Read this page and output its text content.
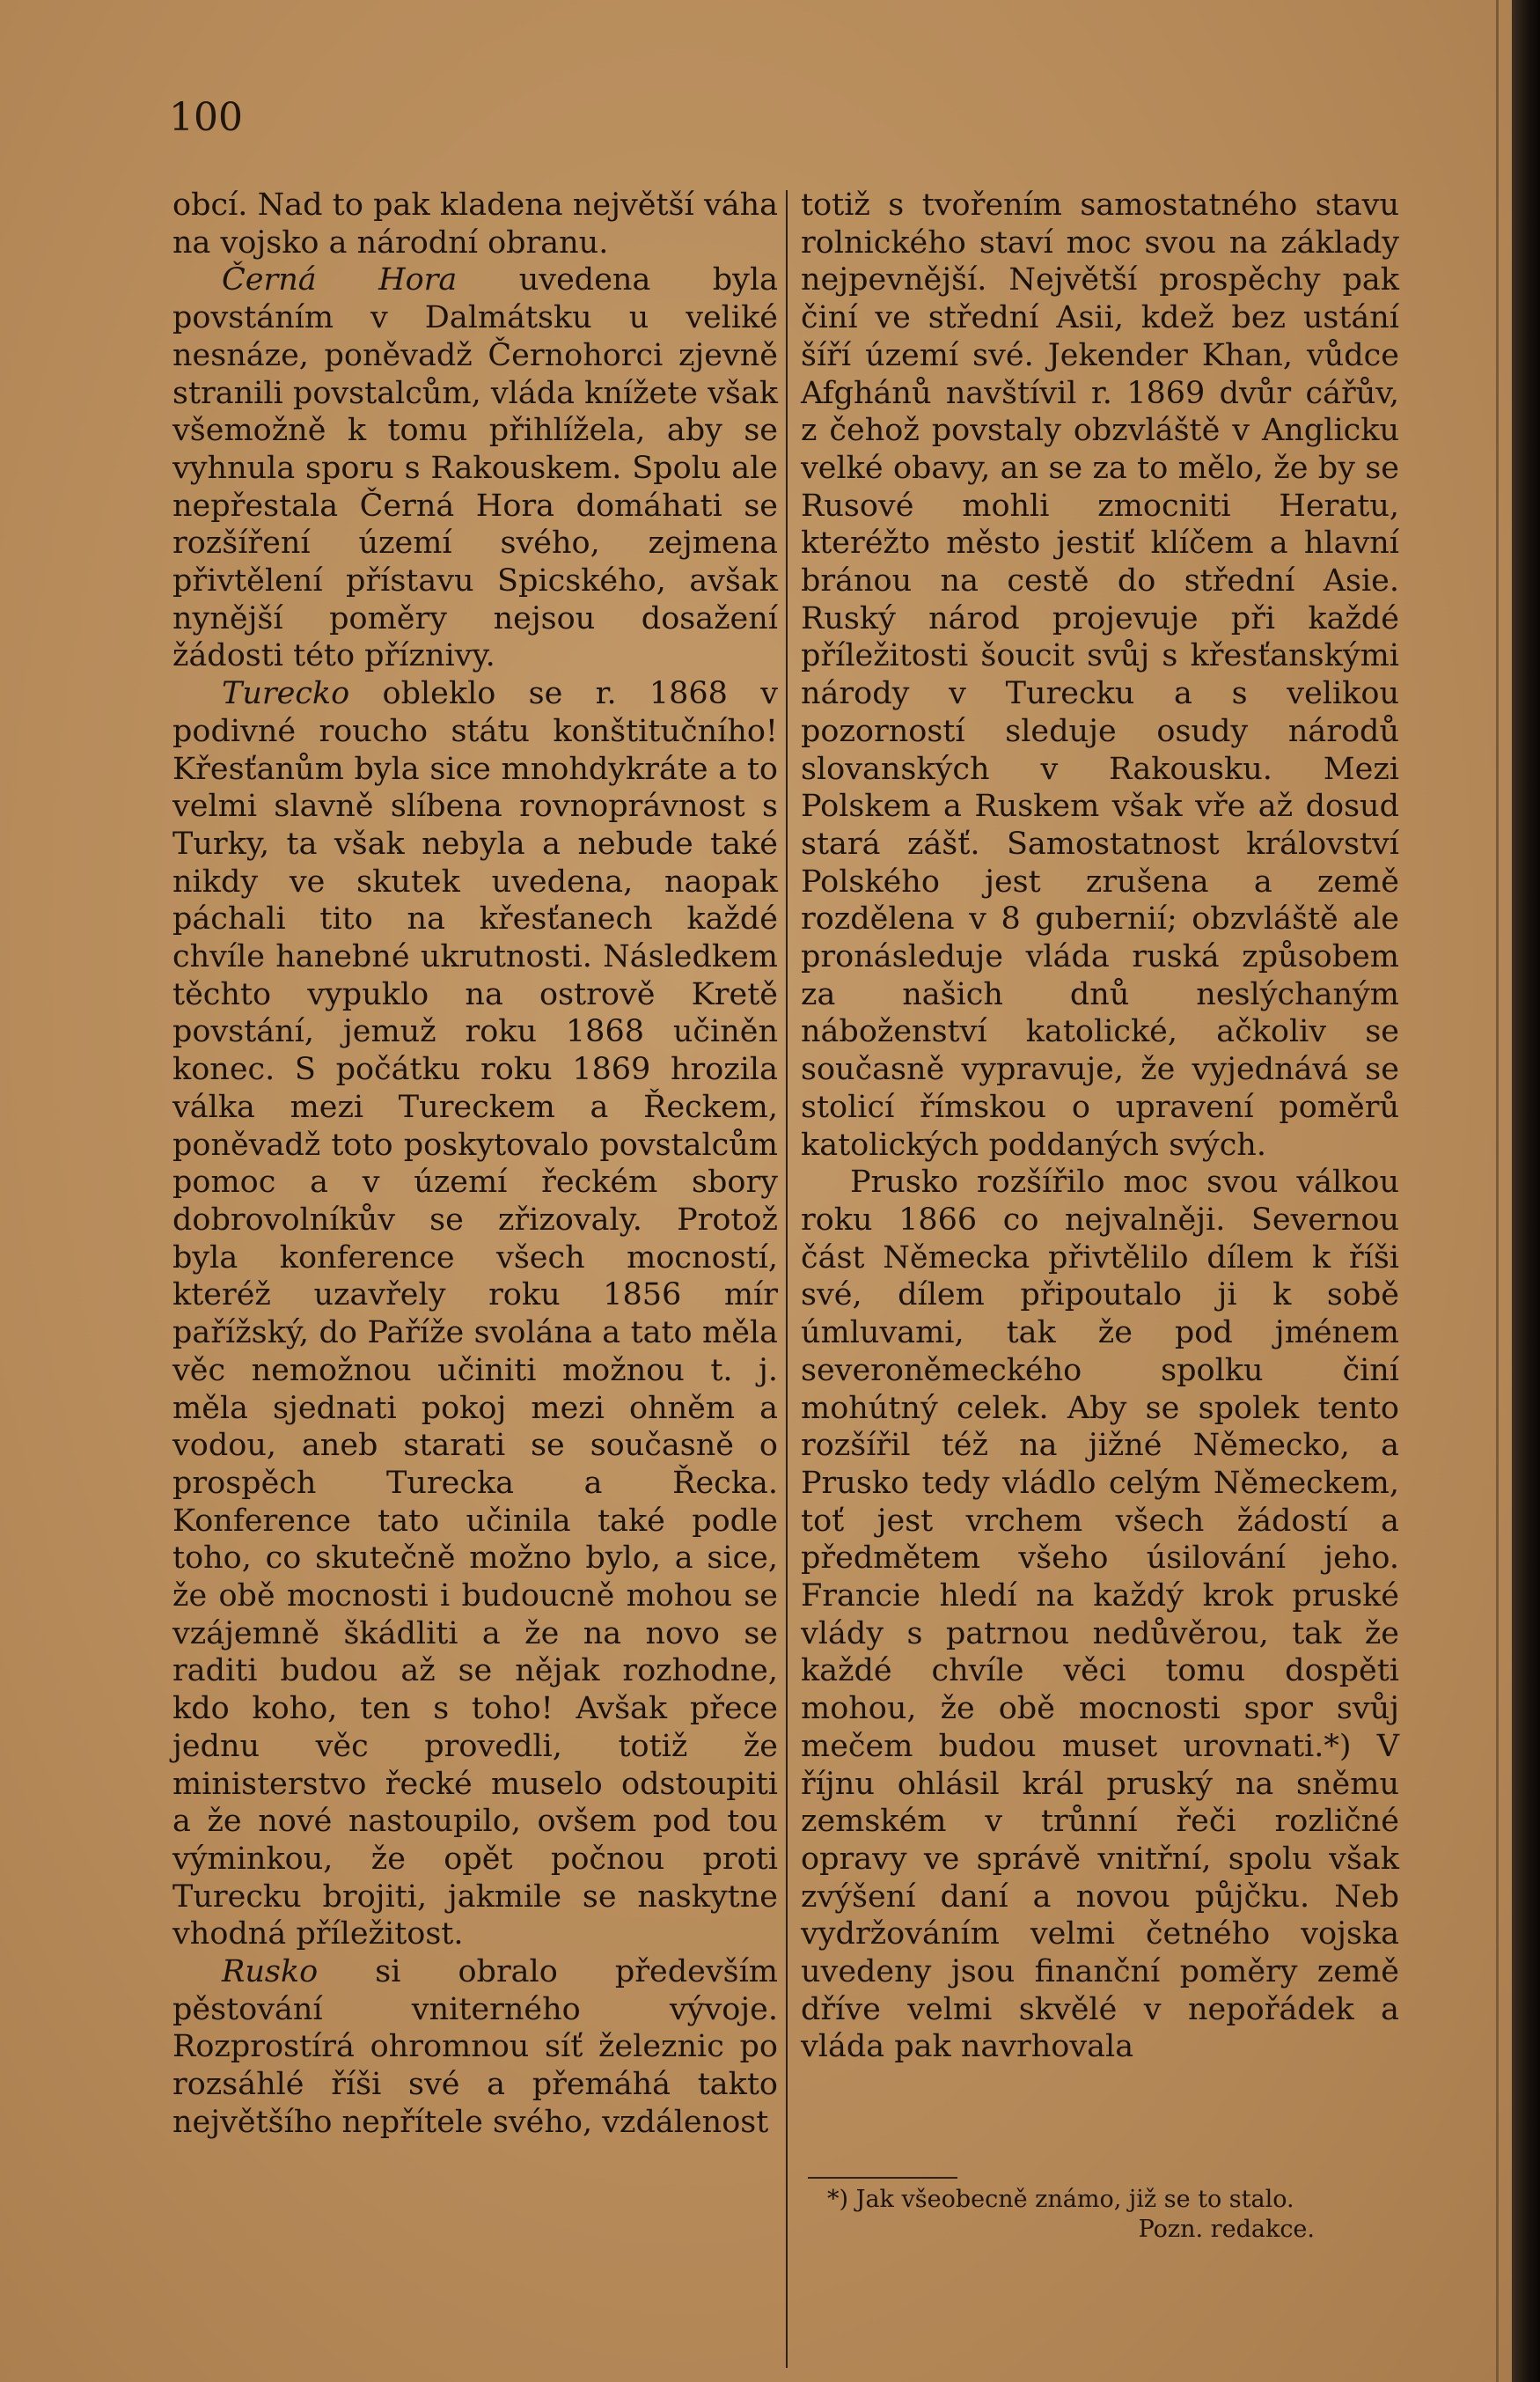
100

obcí. Nad to pak kladena největší váha na vojsko a národní obranu.

Černá Hora uvedena byla povstáním v Dalmátsku u veliké nesnáze, poněvadž Černohorci zjevně stranili povstalcům, vláda knížete však všemožně k tomu přihlížela, aby se vyhnula sporu s Rakouskem. Spolu ale nepřestala Černá Hora domáhati se rozšíření území svého, zejmena přivtělení přístavu Spicského, avšak nynější poměry nejsou dosažení žádosti této příznivy.

Turecko obleklo se r. 1868 v podivné roucho státu konštitučního! Křesťanům byla sice mnohdykráte a to velmi slavně slíbena rovnoprávnost s Turky, ta však nebyla a nebude také nikdy ve skutek uvedena, naopak páchali tito na křesťanech každé chvíle hanebné ukrutnosti. Následkem těchto vypuklo na ostrově Kretě povstání, jemuž roku 1868 učiněn konec. S počátku roku 1869 hrozila válka mezi Tureckem a Řeckem, poněvadž toto poskytovalo povstalcům pomoc a v území řeckém sbory dobrovolníkův se zřizovaly. Protož byla konference všech mocností, kteréž uzavřely roku 1856 mír pařížský, do Paříže svolána a tato měla věc nemožnou učiniti možnou t. j. měla sjednati pokoj mezi ohněm a vodou, aneb starati se současně o prospěch Turecka a Řecka. Konference tato učinila také podle toho, co skutečně možno bylo, a sice, že obě mocnosti i budoucně mohou se vzájemně škádliti a že na novo se raditi budou až se nějak rozhodne, kdo koho, ten s toho! Avšak přece jednu věc provedli, totiž že ministerstvo řecké muselo odstoupiti a že nové nastoupilo, ovšem pod tou výminkou, že opět počnou proti Turecku brojiti, jakmile se naskytne vhodná příležitost.

Rusko si obralo především pěstování vniterného vývoje. Rozprostírá ohromnou síť železnic po rozsáhlé říši své a přemáhá takto největšího nepřítele svého, vzdálenost

totiž s tvořením samostatného stavu rolnického staví moc svou na základy nejpevnější. Největší prospěchy pak činí ve střední Asii, kdež bez ustání šíří území své. Jekender Khan, vůdce Afghánů navštívil r. 1869 dvůr cářův, z čehož povstaly obzvláště v Anglicku velké obavy, an se za to mělo, že by se Rusové mohli zmocniti Heratu, kteréžto město jestiť klíčem a hlavní bránou na cestě do střední Asie. Ruský národ projevuje při každé příležitosti šoucit svůj s křesťanskými národy v Turecku a s velikou pozorností sleduje osudy národů slovanských v Rakousku. Mezi Polskem a Ruskem však vře až dosud stará zášť. Samostatnost království Polského jest zrušena a země rozdělena v 8 gubernií; obzvláště ale pronásleduje vláda ruská způsobem za našich dnů neslýchaným náboženství katolické, ačkoliv se současně vypravuje, že vyjednává se stolicí římskou o upravení poměrů katolických poddaných svých.

Prusko rozšířilo moc svou válkou roku 1866 co nejvalněji. Severnou část Německa přivtělilo dílem k říši své, dílem připoutalo ji k sobě úmluvami, tak že pod jménem severoněmeckého spolku činí mohútný celek. Aby se spolek tento rozšířil též na jižné Německo, a Prusko tedy vládlo celým Německem, toť jest vrchem všech žádostí a předmětem všeho úsilování jeho. Francie hledí na každý krok pruské vlády s patrnou nedůvěrou, tak že každé chvíle věci tomu dospěti mohou, že obě mocnosti spor svůj mečem budou muset urovnati.*) V říjnu ohlásil král pruský na sněmu zemském v trůnní řeči rozličné opravy ve správě vnitřní, spolu však zvýšení daní a novou půjčku. Neb vydržováním velmi četného vojska uvedeny jsou finanční poměry země dříve velmi skvělé v nepořádek a vláda pak navrhovala

*) Jak všeobecně známo, již se to stalo.

Pozn. redakce.
